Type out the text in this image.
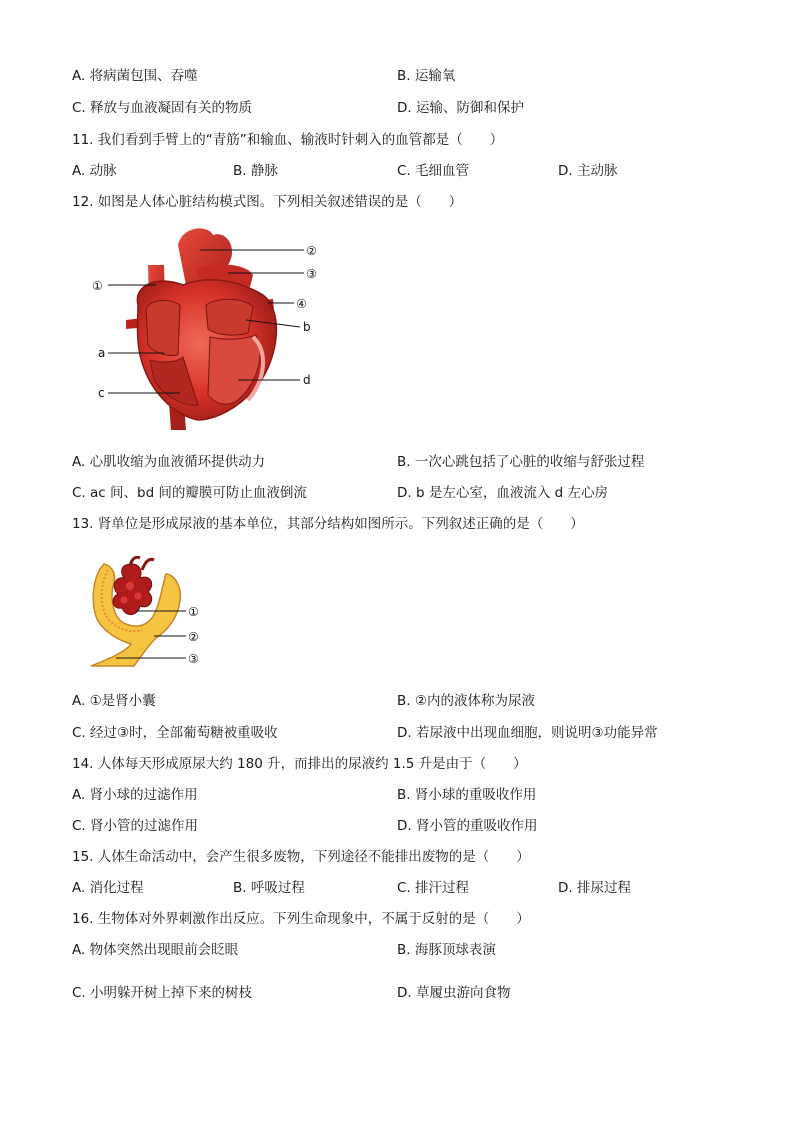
A. 将病菌包围、吞噬	B. 运输氧
C. 释放与血液凝固有关的物质	D. 运输、防御和保护
11. 我们看到手臂上的“青筋”和输血、输液时针刺入的血管都是（　　）
A. 动脉	B. 静脉	C. 毛细血管	D. 主动脉
12. 如图是人体心脏结构模式图。下列相关叙述错误的是（　　）
②
③
④
b
d
①
a
c
A. 心肌收缩为血液循环提供动力	B. 一次心跳包括了心脏的收缩与舒张过程
C. ac 间、bd 间的瓣膜可防止血液倒流	D. b 是左心室，血液流入 d 左心房
13. 肾单位是形成尿液的基本单位，其部分结构如图所示。下列叙述正确的是（　　）
①
②
③
A. ①是肾小囊	B. ②内的液体称为尿液
C. 经过③时，全部葡萄糖被重吸收	D. 若尿液中出现血细胞，则说明③功能异常
14. 人体每天形成原尿大约 180 升，而排出的尿液约 1.5 升是由于（　　）
A. 肾小球的过滤作用	B. 肾小球的重吸收作用
C. 肾小管的过滤作用	D. 肾小管的重吸收作用
15. 人体生命活动中，会产生很多废物，下列途径不能排出废物的是（　　）
A. 消化过程	B. 呼吸过程	C. 排汗过程	D. 排尿过程
16. 生物体对外界刺激作出反应。下列生命现象中，不属于反射的是（　　）
A. 物体突然出现眼前会眨眼	B. 海豚顶球表演
C. 小明躲开树上掉下来的树枝	D. 草履虫游向食物
